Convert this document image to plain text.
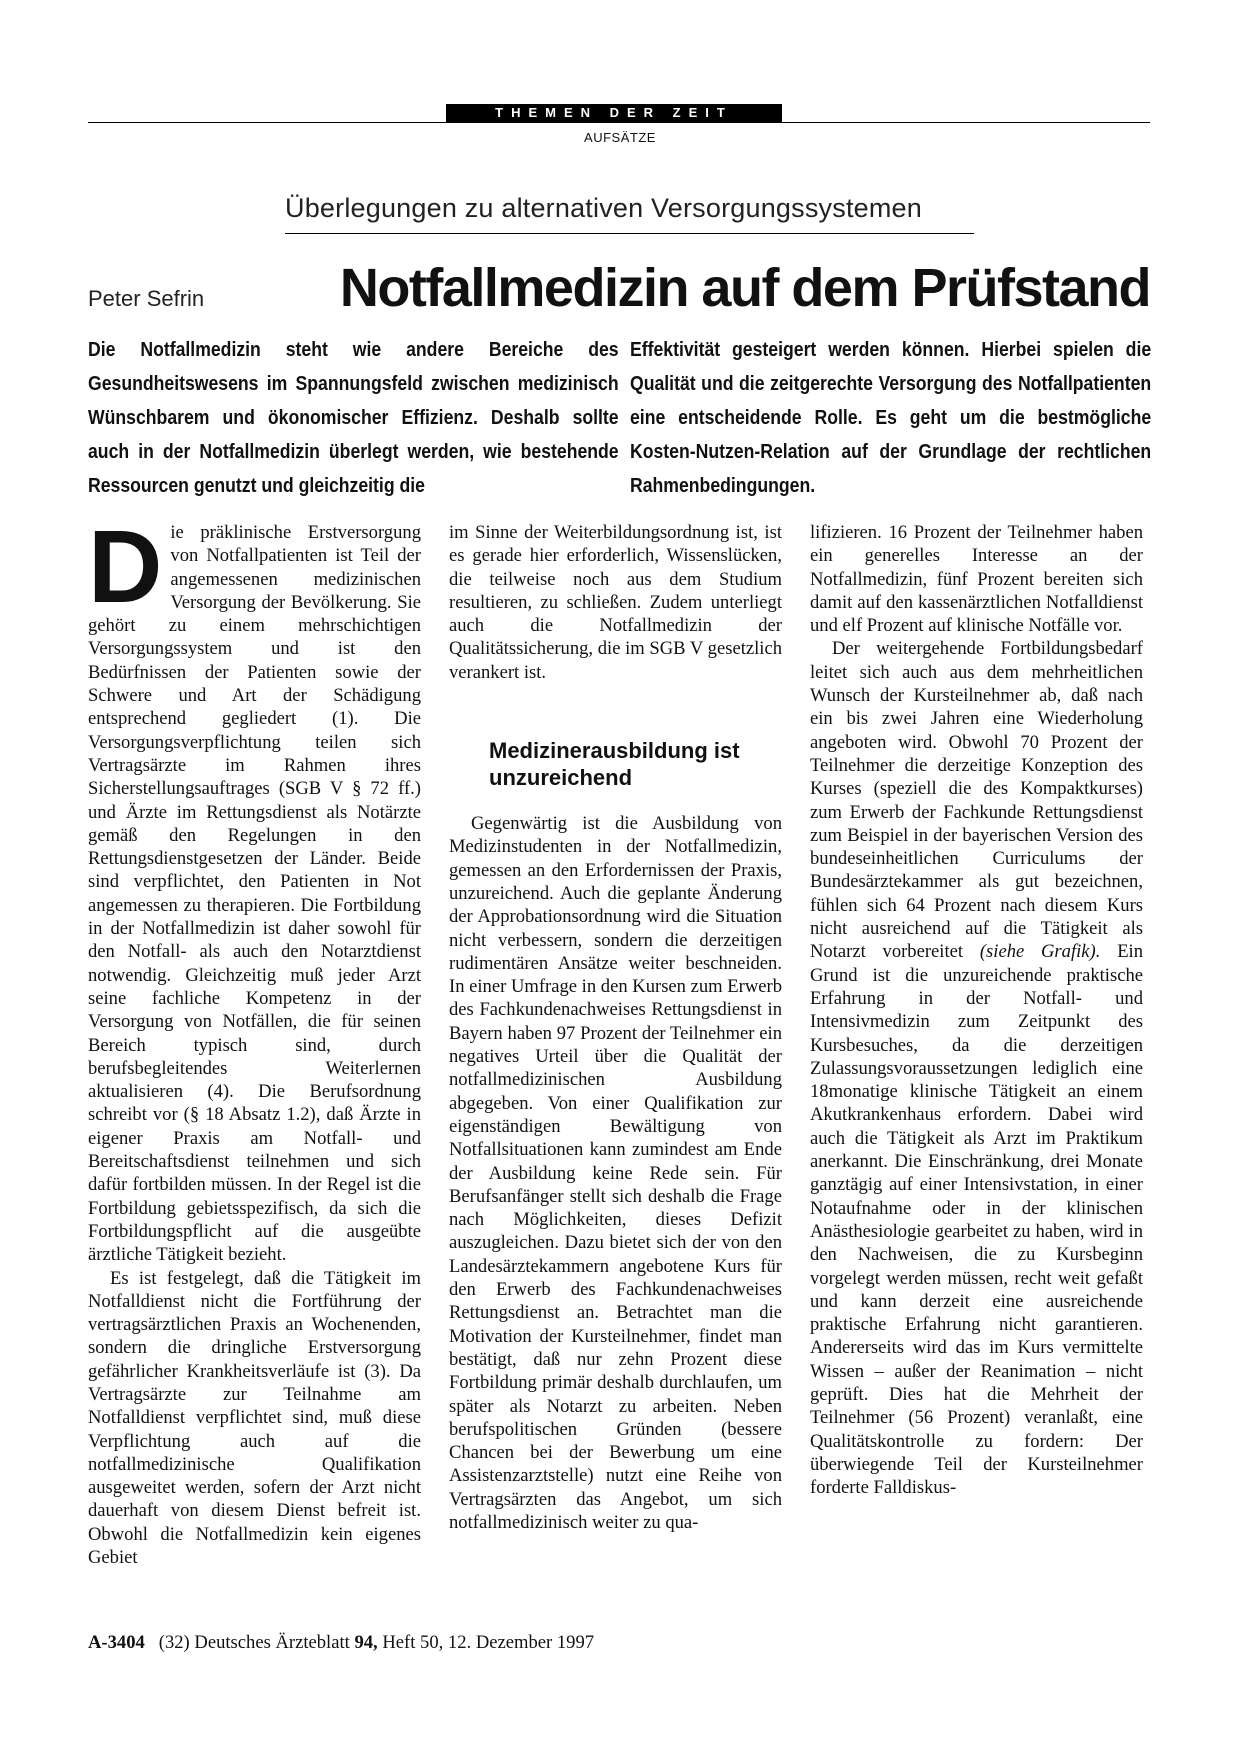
THEMEN DER ZEIT
AUFSÄTZE
Überlegungen zu alternativen Versorgungssystemen
Peter Sefrin	Notfallmedizin auf dem Prüfstand
Die Notfallmedizin steht wie andere Bereiche des Gesundheitswesens im Spannungsfeld zwischen medizinisch Wünschbarem und ökonomischer Effizienz. Deshalb sollte auch in der Notfallmedizin überlegt werden, wie bestehende Ressourcen genutzt und gleichzeitig die
Effektivität gesteigert werden können. Hierbei spielen die Qualität und die zeitgerechte Versorgung des Notfallpatienten eine entscheidende Rolle. Es geht um die bestmögliche Kosten-Nutzen-Relation auf der Grundlage der rechtlichen Rahmenbedingungen.
D ie präklinische Erstversorgung von Notfallpatienten ist Teil der angemessenen medizinischen Versorgung der Bevölkerung. Sie gehört zu einem mehrschichtigen Versorgungssystem und ist den Bedürfnissen der Patienten sowie der Schwere und Art der Schädigung entsprechend gegliedert (1). Die Versorgungsverpflichtung teilen sich Vertragsärzte im Rahmen ihres Sicherstellungsauftrages (SGB V § 72 ff.) und Ärzte im Rettungsdienst als Notärzte gemäß den Regelungen in den Rettungsdienstgesetzen der Länder. Beide sind verpflichtet, den Patienten in Not angemessen zu therapieren. Die Fortbildung in der Notfallmedizin ist daher sowohl für den Notfall- als auch den Notarztdienst notwendig. Gleichzeitig muß jeder Arzt seine fachliche Kompetenz in der Versorgung von Notfällen, die für seinen Bereich typisch sind, durch berufsbegleitendes Weiterlernen aktualisieren (4). Die Berufsordnung schreibt vor (§ 18 Absatz 1.2), daß Ärzte in eigener Praxis am Notfall- und Bereitschaftsdienst teilnehmen und sich dafür fortbilden müssen. In der Regel ist die Fortbildung gebietsspezifisch, da sich die Fortbildungspflicht auf die ausgeübte ärztliche Tätigkeit bezieht.

Es ist festgelegt, daß die Tätigkeit im Notfalldienst nicht die Fortführung der vertragsärztlichen Praxis an Wochenenden, sondern die dringliche Erstversorgung gefährlicher Krankheitsverläufe ist (3). Da Vertragsärzte zur Teilnahme am Notfalldienst verpflichtet sind, muß diese Verpflichtung auch auf die notfallmedizinische Qualifikation ausgeweitet werden, sofern der Arzt nicht dauerhaft von diesem Dienst befreit ist. Obwohl die Notfallmedizin kein eigenes Gebiet

im Sinne der Weiterbildungsordnung ist, ist es gerade hier erforderlich, Wissenslücken, die teilweise noch aus dem Studium resultieren, zu schließen. Zudem unterliegt auch die Notfallmedizin der Qualitätssicherung, die im SGB V gesetzlich verankert ist.

Medizinerausbildung ist unzureichend

Gegenwärtig ist die Ausbildung von Medizinstudenten in der Notfallmedizin, gemessen an den Erfordernissen der Praxis, unzureichend. Auch die geplante Änderung der Approbationsordnung wird die Situation nicht verbessern, sondern die derzeitigen rudimentären Ansätze weiter beschneiden. In einer Umfrage in den Kursen zum Erwerb des Fachkundenachweises Rettungsdienst in Bayern haben 97 Prozent der Teilnehmer ein negatives Urteil über die Qualität der notfallmedizinischen Ausbildung abgegeben. Von einer Qualifikation zur eigenständigen Bewältigung von Notfallsituationen kann zumindest am Ende der Ausbildung keine Rede sein. Für Berufsanfänger stellt sich deshalb die Frage nach Möglichkeiten, dieses Defizit auszugleichen. Dazu bietet sich der von den Landesärztekammern angebotene Kurs für den Erwerb des Fachkundenachweises Rettungsdienst an. Betrachtet man die Motivation der Kursteilnehmer, findet man bestätigt, daß nur zehn Prozent diese Fortbildung primär deshalb durchlaufen, um später als Notarzt zu arbeiten. Neben berufspolitischen Gründen (bessere Chancen bei der Bewerbung um eine Assistenzarztstelle) nutzt eine Reihe von Vertragsärzten das Angebot, um sich notfallmedizinisch weiter zu qua-

lifizieren. 16 Prozent der Teilnehmer haben ein generelles Interesse an der Notfallmedizin, fünf Prozent bereiten sich damit auf den kassenärztlichen Notfalldienst und elf Prozent auf klinische Notfälle vor.

Der weitergehende Fortbildungsbedarf leitet sich auch aus dem mehrheitlichen Wunsch der Kursteilnehmer ab, daß nach ein bis zwei Jahren eine Wiederholung angeboten wird. Obwohl 70 Prozent der Teilnehmer die derzeitige Konzeption des Kurses (speziell die des Kompaktkurses) zum Erwerb der Fachkunde Rettungsdienst zum Beispiel in der bayerischen Version des bundeseinheitlichen Curriculums der Bundesärztekammer als gut bezeichnen, fühlen sich 64 Prozent nach diesem Kurs nicht ausreichend auf die Tätigkeit als Notarzt vorbereitet (siehe Grafik). Ein Grund ist die unzureichende praktische Erfahrung in der Notfall- und Intensivmedizin zum Zeitpunkt des Kursbesuches, da die derzeitigen Zulassungsvoraussetzungen lediglich eine 18monatige klinische Tätigkeit an einem Akutkrankenhaus erfordern. Dabei wird auch die Tätigkeit als Arzt im Praktikum anerkannt. Die Einschränkung, drei Monate ganztägig auf einer Intensivstation, in einer Notaufnahme oder in der klinischen Anästhesiologie gearbeitet zu haben, wird in den Nachweisen, die zu Kursbeginn vorgelegt werden müssen, recht weit gefaßt und kann derzeit eine ausreichende praktische Erfahrung nicht garantieren. Andererseits wird das im Kurs vermittelte Wissen – außer der Reanimation – nicht geprüft. Dies hat die Mehrheit der Teilnehmer (56 Prozent) veranlaßt, eine Qualitätskontrolle zu fordern: Der überwiegende Teil der Kursteilnehmer forderte Falldiskus-

A-3404 (32) Deutsches Ärzteblatt 94, Heft 50, 12. Dezember 1997
